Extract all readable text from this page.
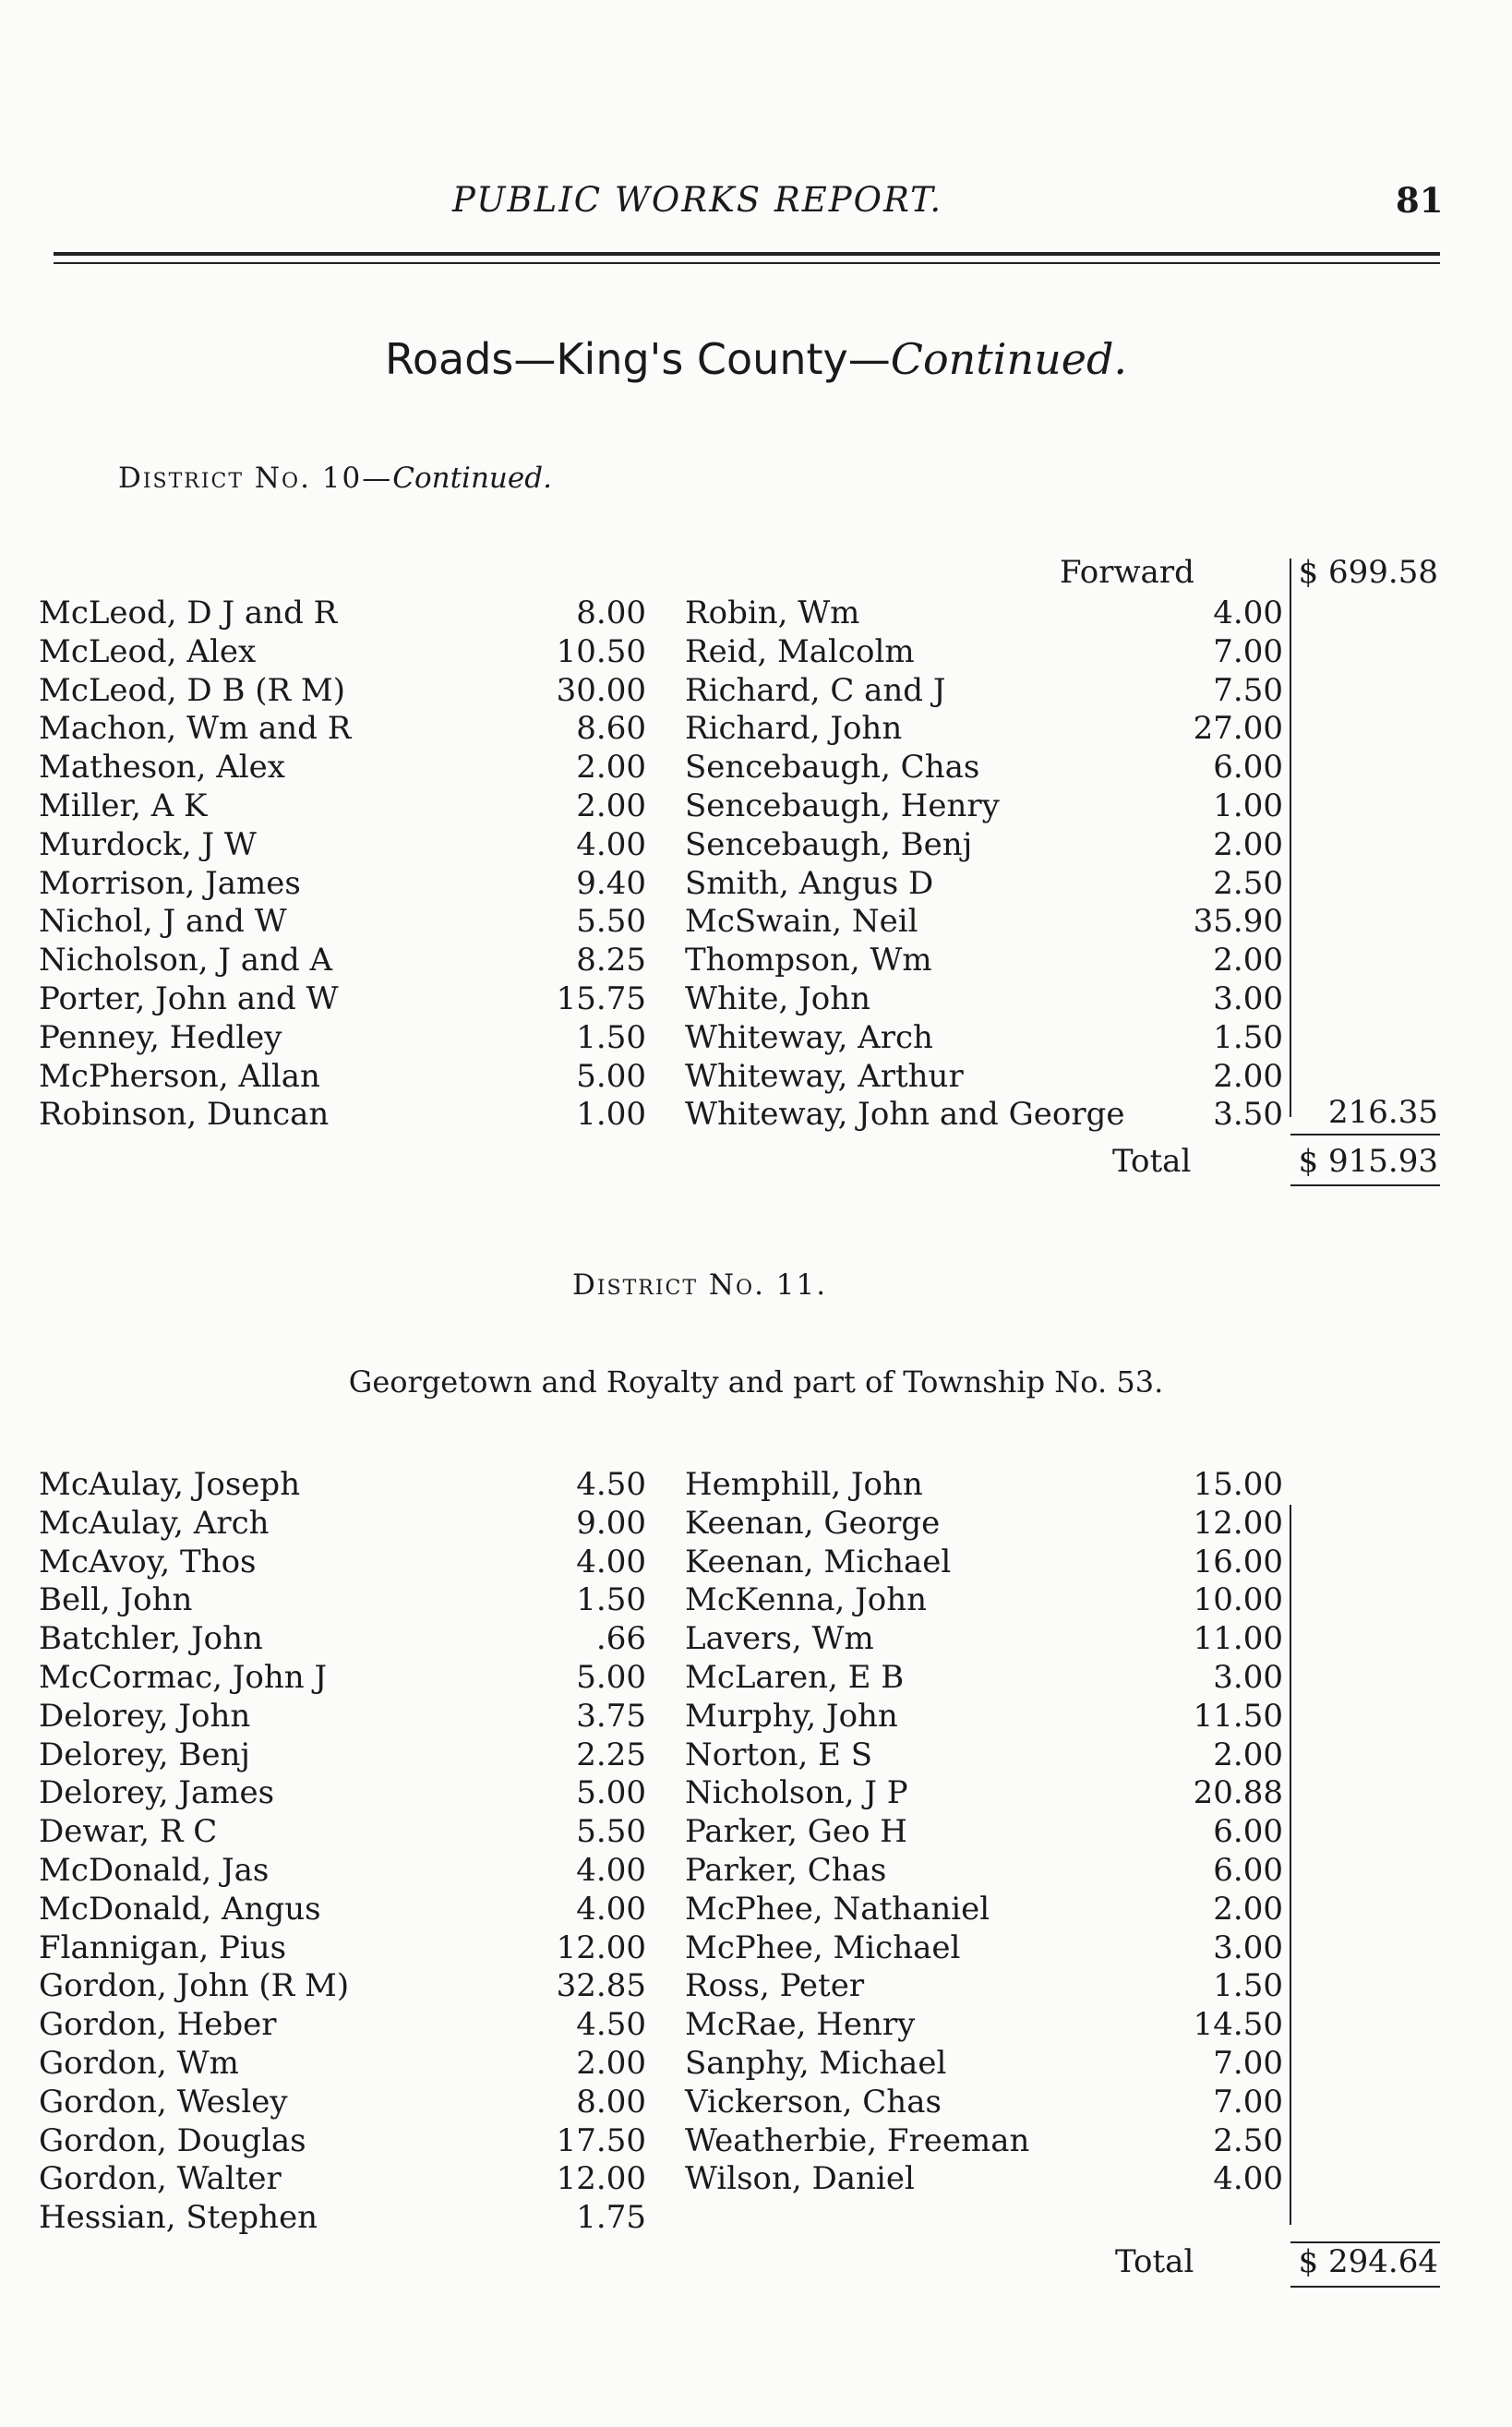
PUBLIC WORKS REPORT.	81
Roads—King's County—Continued.
District No. 10—Continued.
Forward	$ 699.58
McLeod, D J and R	8.00 Robin, Wm	4.00
McLeod, Alex	10.50 Reid, Malcolm	7.00
McLeod, D B (R M)	30.00 Richard, C and J	7.50
Machon, Wm and R	8.60 Richard, John	27.00
Matheson, Alex	2.00 Sencebaugh, Chas	6.00
Miller, A K	2.00 Sencebaugh, Henry	1.00
Murdock, J W	4.00 Sencebaugh, Benj	2.00
Morrison, James	9.40 Smith, Angus D	2.50
Nichol, J and W	5.50 McSwain, Neil	35.90
Nicholson, J and A	8.25 Thompson, Wm	2.00
Porter, John and W	15.75 White, John	3.00
Penney, Hedley	1.50 Whiteway, Arch	1.50
McPherson, Allan	5.00 Whiteway, Arthur	2.00
Robinson, Duncan	1.00 Whiteway, John and George	3.50	216.35
Total	$ 915.93
District No. 11.
Georgetown and Royalty and part of Township No. 53.
McAulay, Joseph	4.50 Hemphill, John	15.00
McAulay, Arch	9.00 Keenan, George	12.00
McAvoy, Thos	4.00 Keenan, Michael	16.00
Bell, John	1.50 McKenna, John	10.00
Batchler, John	.66 Lavers, Wm	11.00
McCormac, John J	5.00 McLaren, E B	3.00
Delorey, John	3.75 Murphy, John	11.50
Delorey, Benj	2.25 Norton, E S	2.00
Delorey, James	5.00 Nicholson, J P	20.88
Dewar, R C	5.50 Parker, Geo H	6.00
McDonald, Jas	4.00 Parker, Chas	6.00
McDonald, Angus	4.00 McPhee, Nathaniel	2.00
Flannigan, Pius	12.00 McPhee, Michael	3.00
Gordon, John (R M)	32.85 Ross, Peter	1.50
Gordon, Heber	4.50 McRae, Henry	14.50
Gordon, Wm	2.00 Sanphy, Michael	7.00
Gordon, Wesley	8.00 Vickerson, Chas	7.00
Gordon, Douglas	17.50 Weatherbie, Freeman	2.50
Gordon, Walter	12.00 Wilson, Daniel	4.00
Hessian, Stephen	1.75
Total	$ 294.64
